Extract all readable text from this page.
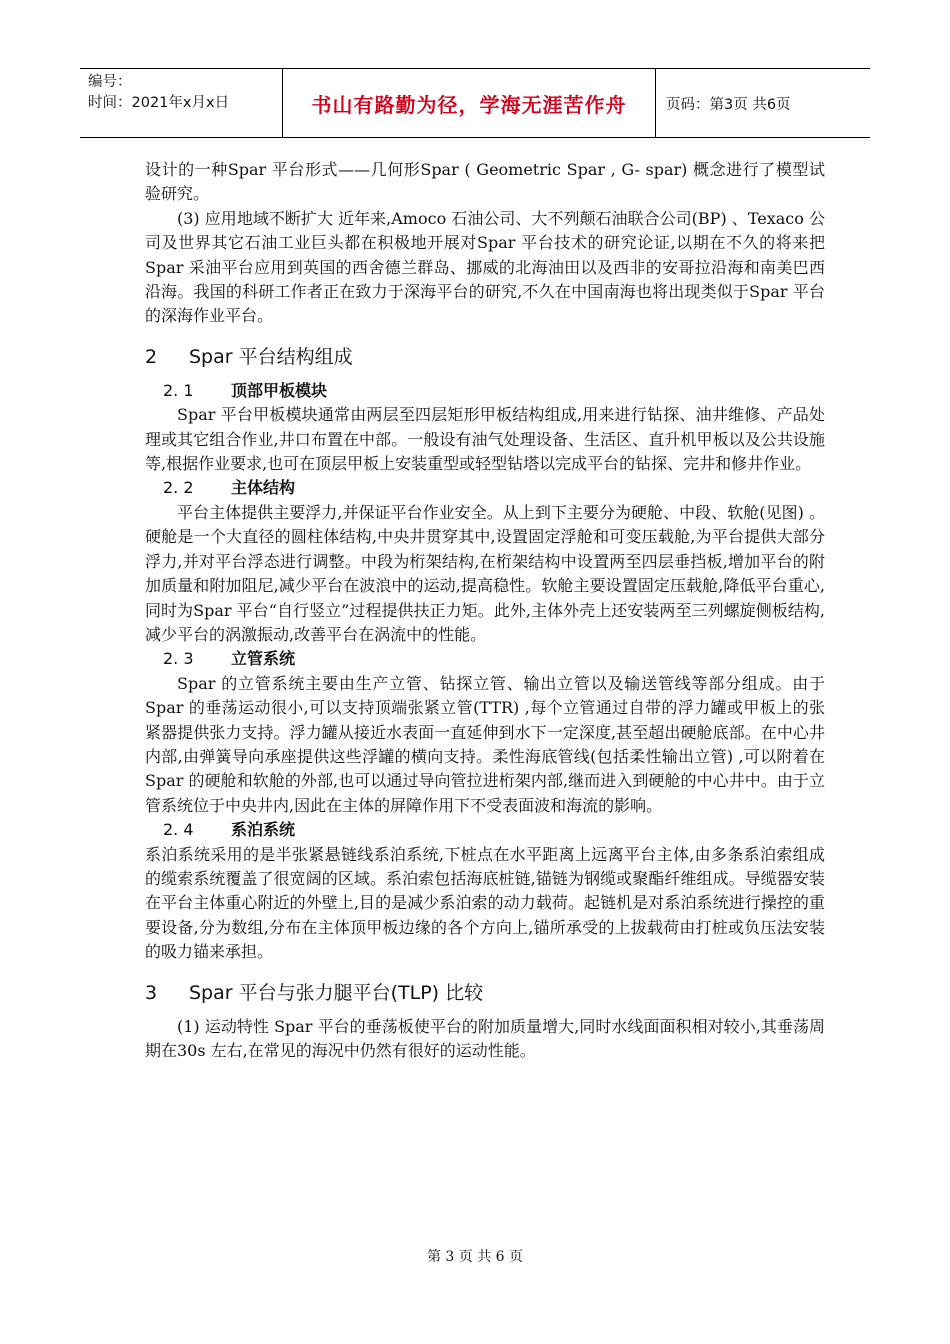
编号：
时间：2021年x月x日	书山有路勤为径，学海无涯苦作舟	页码：第3页 共6页

设计的一种Spar 平台形式——几何形Spar ( Geometric Spar , G- spar) 概念进行了模型试验研究。

(3) 应用地域不断扩大 近年来,Amoco 石油公司、大不列颠石油联合公司(BP) 、Texaco 公司及世界其它石油工业巨头都在积极地开展对Spar 平台技术的研究论证,以期在不久的将来把Spar 采油平台应用到英国的西舍德兰群岛、挪威的北海油田以及西非的安哥拉沿海和南美巴西沿海。我国的科研工作者正在致力于深海平台的研究,不久在中国南海也将出现类似于Spar 平台的深海作业平台。

2 Spar 平台结构组成
2. 1 顶部甲板模块

Spar 平台甲板模块通常由两层至四层矩形甲板结构组成,用来进行钻探、油井维修、产品处理或其它组合作业,井口布置在中部。一般设有油气处理设备、生活区、直升机甲板以及公共设施等,根据作业要求,也可在顶层甲板上安装重型或轻型钻塔以完成平台的钻探、完井和修井作业。

2. 2 主体结构

平台主体提供主要浮力,并保证平台作业安全。从上到下主要分为硬舱、中段、软舱(见图) 。硬舱是一个大直径的圆柱体结构,中央井贯穿其中,设置固定浮舱和可变压载舱,为平台提供大部分浮力,并对平台浮态进行调整。中段为桁架结构,在桁架结构中设置两至四层垂挡板,增加平台的附加质量和附加阻尼,减少平台在波浪中的运动,提高稳性。软舱主要设置固定压载舱,降低平台重心,同时为Spar 平台“自行竖立”过程提供扶正力矩。此外,主体外壳上还安装两至三列螺旋侧板结构,减少平台的涡激振动,改善平台在涡流中的性能。

2. 3 立管系统

Spar 的立管系统主要由生产立管、钻探立管、输出立管以及输送管线等部分组成。由于Spar 的垂荡运动很小,可以支持顶端张紧立管(TTR) ,每个立管通过自带的浮力罐或甲板上的张紧器提供张力支持。浮力罐从接近水表面一直延伸到水下一定深度,甚至超出硬舱底部。在中心井内部,由弹簧导向承座提供这些浮罐的横向支持。柔性海底管线(包括柔性输出立管) ,可以附着在Spar 的硬舱和软舱的外部,也可以通过导向管拉进桁架内部,继而进入到硬舱的中心井中。由于立管系统位于中央井内,因此在主体的屏障作用下不受表面波和海流的影响。

2. 4 系泊系统

系泊系统采用的是半张紧悬链线系泊系统,下桩点在水平距离上远离平台主体,由多条系泊索组成的缆索系统覆盖了很宽阔的区域。系泊索包括海底桩链,锚链为钢缆或聚酯纤维组成。导缆器安装在平台主体重心附近的外壁上,目的是减少系泊索的动力载荷。起链机是对系泊系统进行操控的重要设备,分为数组,分布在主体顶甲板边缘的各个方向上,锚所承受的上拔载荷由打桩或负压法安装的吸力锚来承担。

3 Spar 平台与张力腿平台(TLP) 比较

(1) 运动特性 Spar 平台的垂荡板使平台的附加质量增大,同时水线面面积相对较小,其垂荡周期在30s 左右,在常见的海况中仍然有很好的运动性能。

第 3 页 共 6 页
